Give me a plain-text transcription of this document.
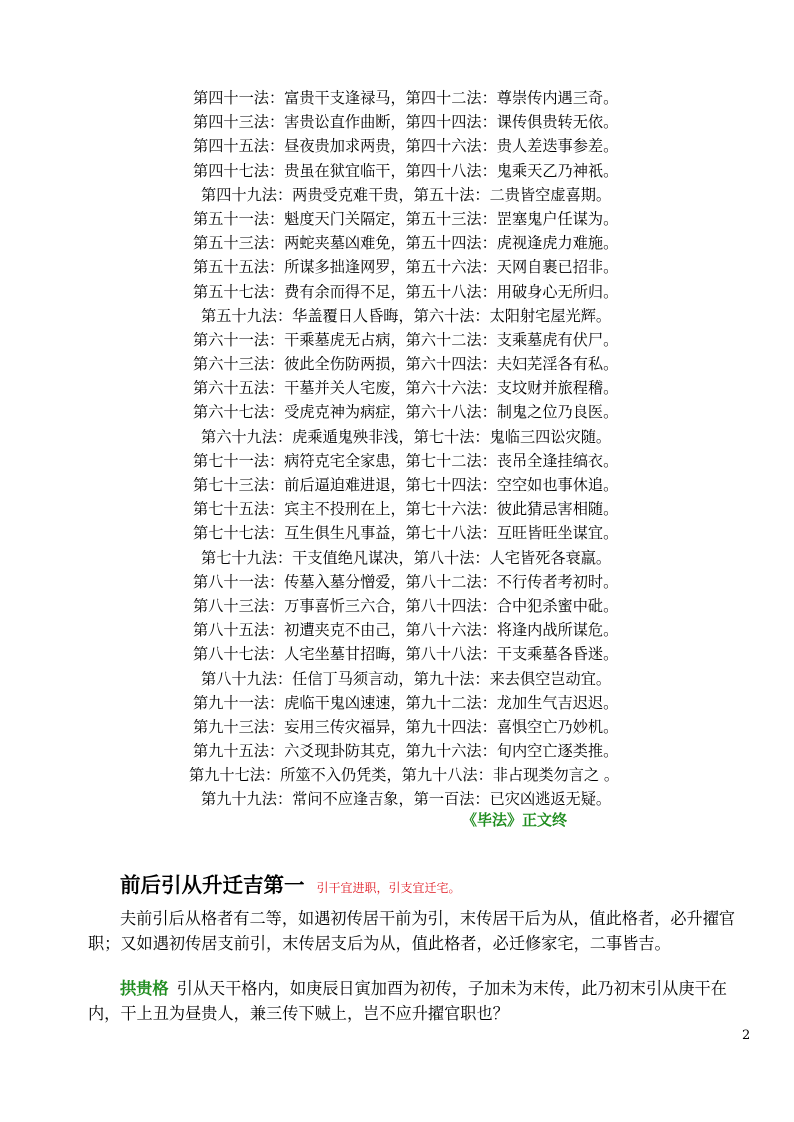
第四十一法：富贵干支逢禄马，第四十二法：尊崇传内遇三奇。
第四十三法：害贵讼直作曲断，第四十四法：课传俱贵转无依。
第四十五法：昼夜贵加求两贵，第四十六法：贵人差迭事参差。
第四十七法：贵虽在狱宜临干，第四十八法：鬼乘天乙乃神祇。
第四十九法：两贵受克难干贵，第五十法：二贵皆空虚喜期。
第五十一法：魁度天门关隔定，第五十三法：罡塞鬼户任谋为。
第五十三法：两蛇夹墓凶难免，第五十四法：虎视逢虎力难施。
第五十五法：所谋多拙逢网罗，第五十六法：天网自裹已招非。
第五十七法：费有余而得不足，第五十八法：用破身心无所归。
第五十九法：华盖覆日人昏晦，第六十法：太阳射宅屋光辉。
第六十一法：干乘墓虎无占病，第六十二法：支乘墓虎有伏尸。
第六十三法：彼此全伤防两损，第六十四法：夫妇芜淫各有私。
第六十五法：干墓并关人宅废，第六十六法：支坟财并旅程稽。
第六十七法：受虎克神为病症，第六十八法：制鬼之位乃良医。
第六十九法：虎乘遁鬼殃非浅，第七十法：鬼临三四讼灾随。
第七十一法：病符克宅全家患，第七十二法：丧吊全逢挂缟衣。
第七十三法：前后逼迫难进退，第七十四法：空空如也事休追。
第七十五法：宾主不投刑在上，第七十六法：彼此猜忌害相随。
第七十七法：互生俱生凡事益，第七十八法：互旺皆旺坐谋宜。
第七十九法：干支值绝凡谋决，第八十法：人宅皆死各衰羸。
第八十一法：传墓入墓分憎爱，第八十二法：不行传者考初时。
第八十三法：万事喜忻三六合，第八十四法：合中犯杀蜜中砒。
第八十五法：初遭夹克不由己，第八十六法：将逢内战所谋危。
第八十七法：人宅坐墓甘招晦，第八十八法：干支乘墓各昏迷。
第八十九法：任信丁马须言动，第九十法：来去俱空岂动宜。
第九十一法：虎临干鬼凶速速，第九十二法：龙加生气吉迟迟。
第九十三法：妄用三传灾福异，第九十四法：喜惧空亡乃妙机。
第九十五法：六爻现卦防其克，第九十六法：旬内空亡逐类推。
第九十七法：所筮不入仍凭类，第九十八法：非占现类勿言之 。
第九十九法：常问不应逢吉象，第一百法：已灾凶逃返无疑。
《毕法》正文终
前后引从升迁吉第一 引干宜进职，引支宜迁宅。

夫前引后从格者有二等，如遇初传居干前为引，末传居干后为从，值此格者，必升擢官职；又如遇初传居支前引，末传居支后为从，值此格者，必迁修家宅，二事皆吉。

拱贵格 引从天干格内，如庚辰日寅加酉为初传，子加未为末传，此乃初末引从庚干在内，干上丑为昼贵人，兼三传下贼上，岂不应升擢官职也？

2
